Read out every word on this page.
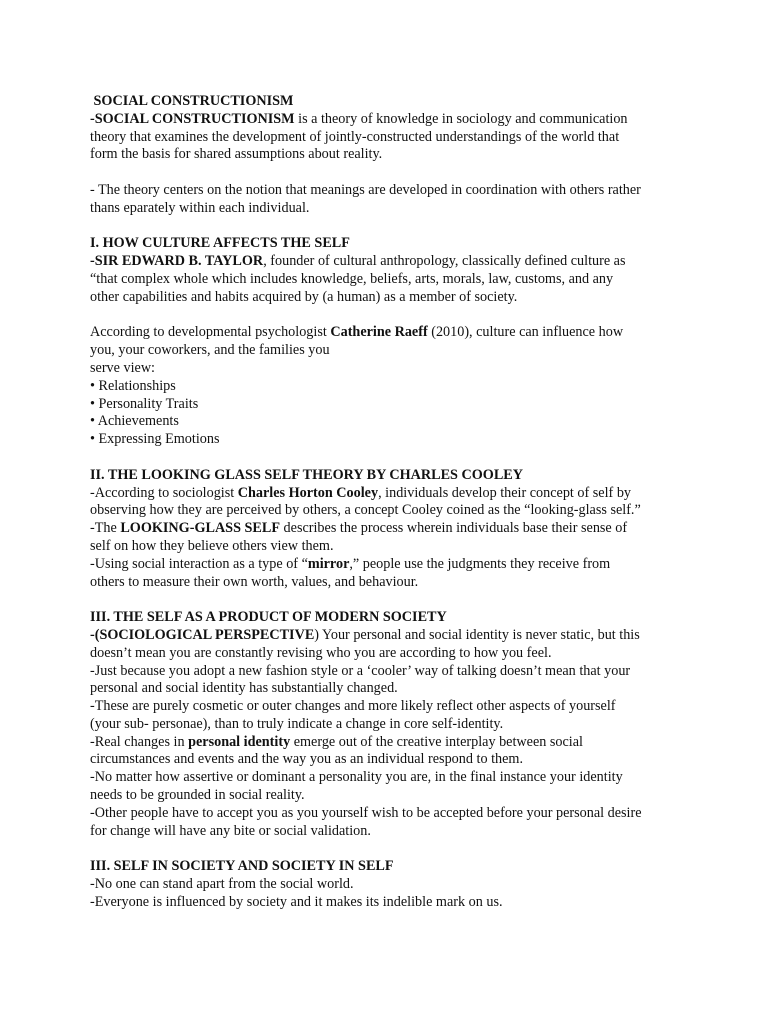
SOCIAL CONSTRUCTIONISM
-SOCIAL CONSTRUCTIONISM is a theory of knowledge in sociology and communication
theory that examines the development of jointly-constructed understandings of the world that
form the basis for shared assumptions about reality.
- The theory centers on the notion that meanings are developed in coordination with others rather
thans eparately within each individual.
I. HOW CULTURE AFFECTS THE SELF
-SIR EDWARD B. TAYLOR, founder of cultural anthropology, classically defined culture as
“that complex whole which includes knowledge, beliefs, arts, morals, law, customs, and any
other capabilities and habits acquired by (a human) as a member of society.
According to developmental psychologist Catherine Raeff (2010), culture can influence how
you, your coworkers, and the families you
serve view:
• Relationships
• Personality Traits
• Achievements
• Expressing Emotions
II. THE LOOKING GLASS SELF THEORY BY CHARLES COOLEY
-According to sociologist Charles Horton Cooley, individuals develop their concept of self by
observing how they are perceived by others, a concept Cooley coined as the “looking-glass self.”
-The LOOKING-GLASS SELF describes the process wherein individuals base their sense of
self on how they believe others view them.
-Using social interaction as a type of “mirror,” people use the judgments they receive from
others to measure their own worth, values, and behaviour.
III. THE SELF AS A PRODUCT OF MODERN SOCIETY
-(SOCIOLOGICAL PERSPECTIVE) Your personal and social identity is never static, but this
doesn’t mean you are constantly revising who you are according to how you feel.
-Just because you adopt a new fashion style or a ‘cooler’ way of talking doesn’t mean that your
personal and social identity has substantially changed.
-These are purely cosmetic or outer changes and more likely reflect other aspects of yourself
(your sub- personae), than to truly indicate a change in core self-identity.
-Real changes in personal identity emerge out of the creative interplay between social
circumstances and events and the way you as an individual respond to them.
-No matter how assertive or dominant a personality you are, in the final instance your identity
needs to be grounded in social reality.
-Other people have to accept you as you yourself wish to be accepted before your personal desire
for change will have any bite or social validation.
III. SELF IN SOCIETY AND SOCIETY IN SELF
-No one can stand apart from the social world.
-Everyone is influenced by society and it makes its indelible mark on us.
